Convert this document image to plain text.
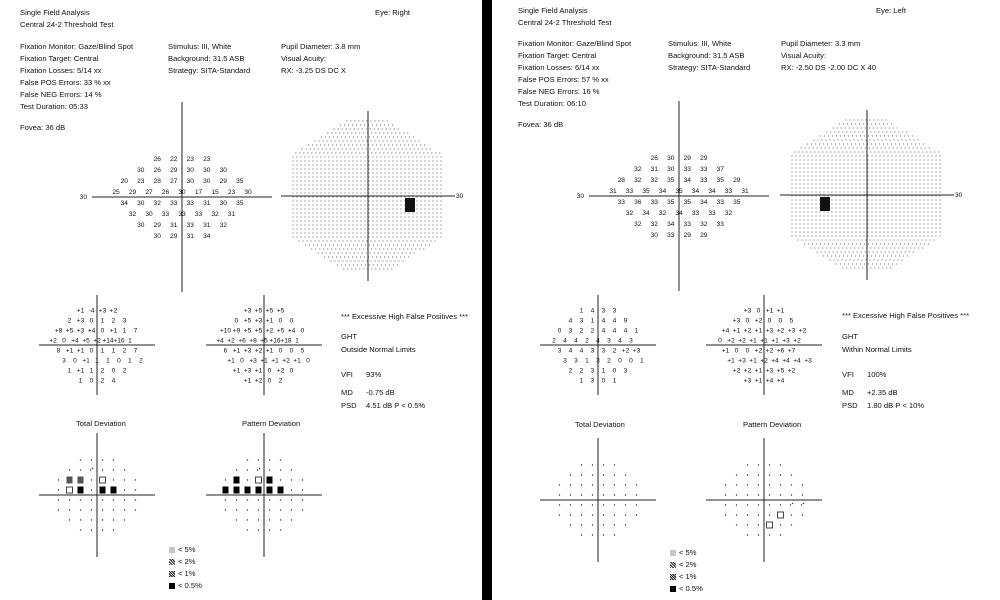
Single Field Analysis
Central 24-2 Threshold Test
Eye: Right
Fixation Monitor: Gaze/Blind Spot
Fixation Target: Central
Fixation Losses: 5/14 xx
False POS Errors: 33 % xx
False NEG Errors: 14 %
Test Duration: 05:33
Stimulus: III, White
Background: 31.5 ASB
Strategy: SITA-Standard
Pupil Diameter: 3.8 mm
Visual Acuity:
RX: -3.25 DS DC X
Fovea: 36 dB
30
26 22 23 23
30 26 29 30 30 30
20 23 28 27 30 30 29 35
25 29 27 26 30 17 15 23 30
34 30 32 33 33 31 30 35
32 30 33 33 33 32 31
30 29 31 33 31 32
30 29 31 34
30
+1 -4 +3 +2
2 +3 0 1 2 3
+8 +5 +3 +4 0 +1 1 7
+2 0 +4 +5 +2 +14 +16 1
8 +1 +1 0 1 1 2 7
3 0 +1 1 1 0 1 2
1 +1 1 2 0 2
1 0 2 4
+3 +5 +5 +5
0 +5 +3 +1 0 0
+10 +9 +5 +5 +2 +5 +4 0
+4 +2 +6 +8 +5 +16 +18 1
6 +1 +3 +2 +1 0 0 5
+1 0 +3 +1 +1 +2 +1 0
+1 +3 +1 0 +2 0
+1 +2 0 2
*** Excessive High False Positives ***
GHT
Outside Normal Limits
VFI 93%
MD -0.75 dB
PSD 4.51 dB P < 0.5%
Total Deviation	Pattern Deviation
< 5%
< 2%
< 1%
< 0.5%
Single Field Analysis
Central 24-2 Threshold Test
Eye: Left
Fixation Monitor: Gaze/Blind Spot
Fixation Target: Central
Fixation Losses: 6/14 xx
False POS Errors: 57 % xx
False NEG Errors: 16 %
Test Duration: 06:10
Stimulus: III, White
Background: 31.5 ASB
Strategy: SITA-Standard
Pupil Diameter: 3.3 mm
Visual Acuity:
RX: -2.50 DS -2.00 DC X 40
Fovea: 36 dB
30
26 30 29 29
32 31 30 33 33 37
28 32 32 35 34 33 35 29
31 33 35 34 35 34 34 33 31
33 36 33 35 35 34 33 35
32 34 32 34 33 33 32
32 32 34 33 32 33
30 33 29 29
30
1 4 3 3
4 3 1 4 4 9
0 3 2 2 4 4 4 1
2 4 4 2 4 3 4 3
3 4 4 3 3 2 +2 +3
3 3 1 3 2 0 0 1
2 2 3 1 0 3
1 3 0 1
+3 0 +1 +1
+3 0 +2 0 0 5
+4 +1 +2 +1 +3 +2 +3 +2
0 +2 +2 +1 +1 +1 +3 +2
+1 0 0 +2 +2 +6 +7
+1 +3 +1 +2 +4 +4 +4 +3
+2 +2 +1 +3 +5 +2
+3 +1 +4 +4
*** Excessive High False Positives ***
GHT
Within Normal Limits
VFI 100%
MD +2.35 dB
PSD 1.80 dB P < 10%
Total Deviation	Pattern Deviation
< 5%
< 2%
< 1%
< 0.5%
